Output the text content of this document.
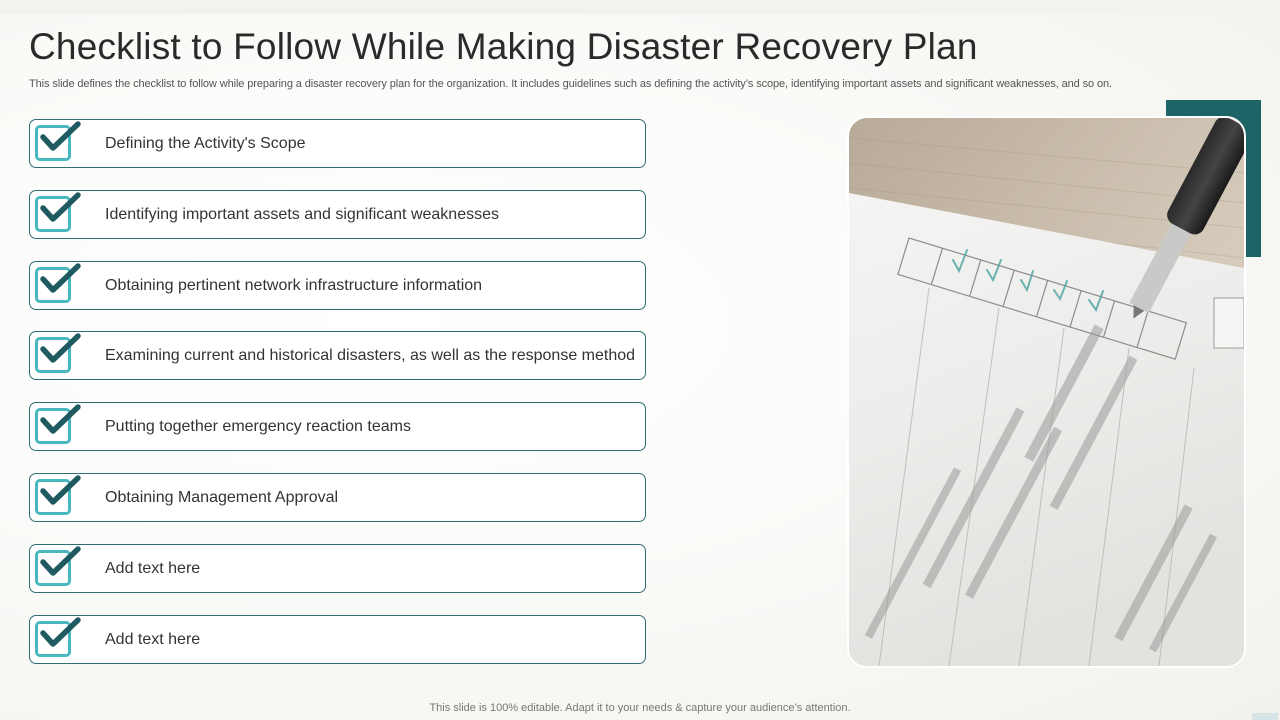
Checklist to Follow While Making Disaster Recovery Plan

This slide defines the checklist to follow while preparing a disaster recovery plan for the organization. It includes guidelines such as defining the activity’s scope, identifying important assets and significant weaknesses, and so on.

Defining the Activity's Scope
Identifying important assets and significant weaknesses
Obtaining pertinent network infrastructure information
Examining current and historical disasters, as well as the response method
Putting together emergency reaction teams
Obtaining Management Approval
Add text here
Add text here

This slide is 100% editable. Adapt it to your needs & capture your audience’s attention.
